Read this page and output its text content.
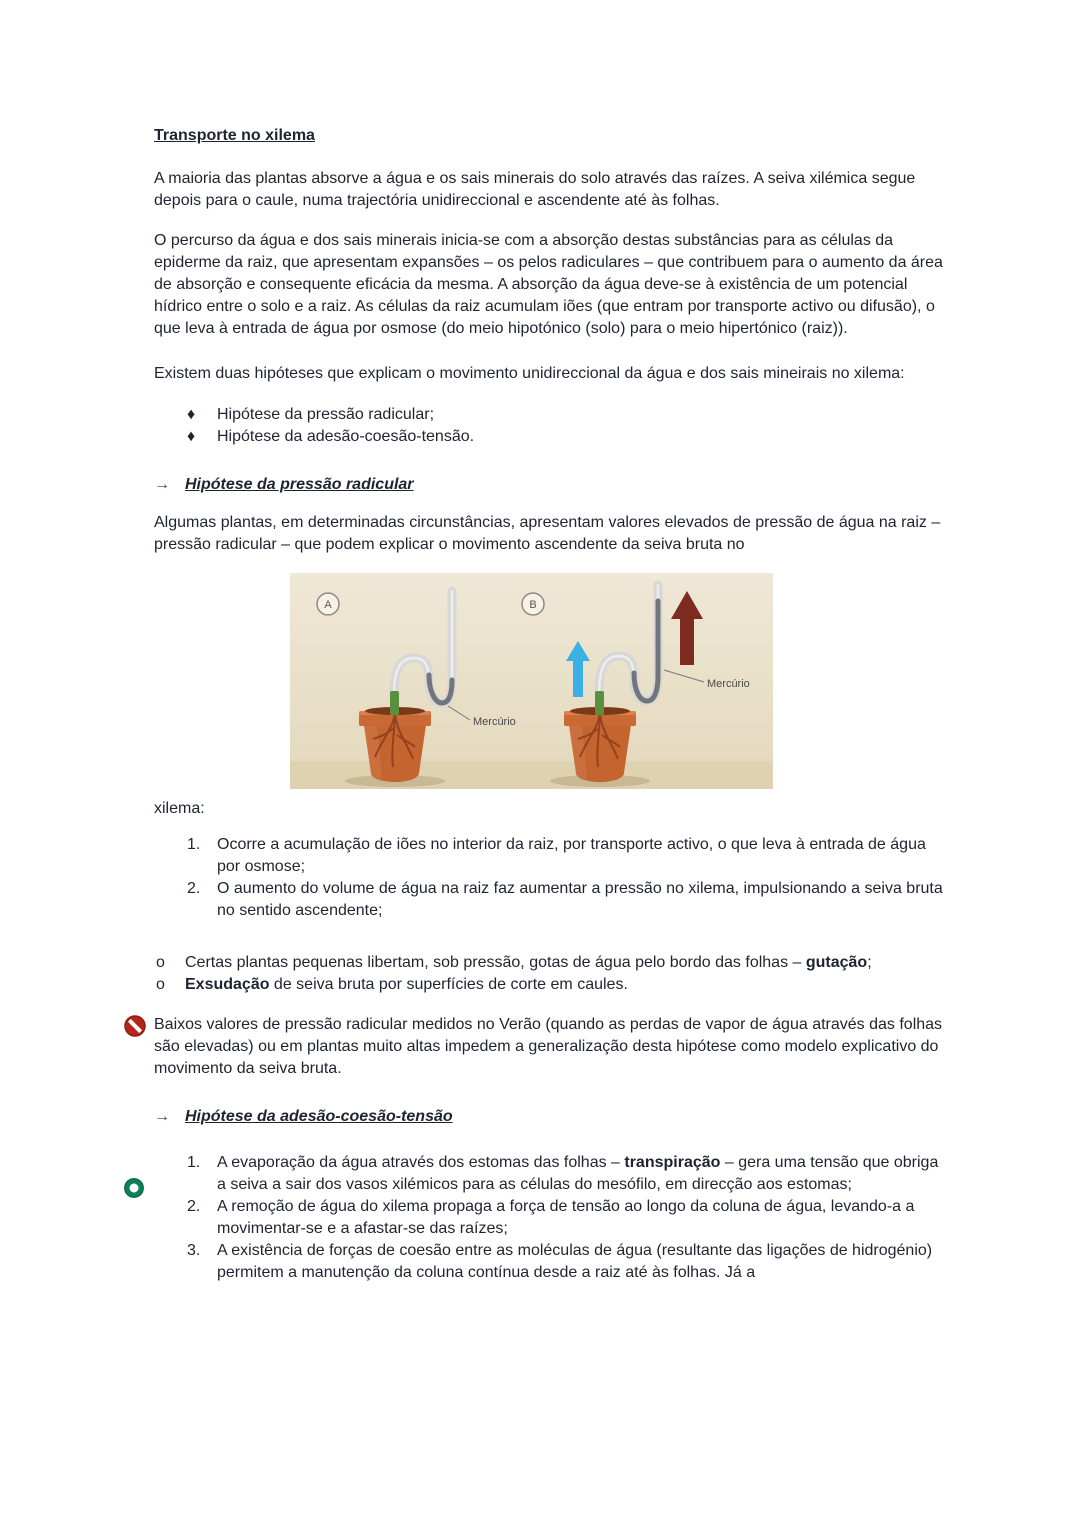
Transporte no xilema

A maioria das plantas absorve a água e os sais minerais do solo através das raízes. A seiva xilémica segue depois para o caule, numa trajectória unidireccional e ascendente até às folhas.

O percurso da água e dos sais minerais inicia-se com a absorção destas substâncias para as células da epiderme da raiz, que apresentam expansões – os pelos radiculares – que contribuem para o aumento da área de absorção e consequente eficácia da mesma. A absorção da água deve-se à existência de um potencial hídrico entre o solo e a raiz. As células da raiz acumulam iões (que entram por transporte activo ou difusão), o que leva à entrada de água por osmose (do meio hipotónico (solo) para o meio hipertónico (raiz)).

Existem duas hipóteses que explicam o movimento unidireccional da água e dos sais mineirais no xilema:

♦	Hipótese da pressão radicular;
♦	Hipótese da adesão-coesão-tensão.
→ Hipótese da pressão radicular

Algumas plantas, em determinadas circunstâncias, apresentam valores elevados de pressão de água na raiz – pressão radicular – que podem explicar o movimento ascendente da seiva bruta no

A	B
Mercúrio
Mercúrio

xilema:

1.	Ocorre a acumulação de iões no interior da raiz, por transporte activo, o que leva à entrada de água por osmose;
2.	O aumento do volume de água na raiz faz aumentar a pressão no xilema, impulsionando a seiva bruta no sentido ascendente;
o	Certas plantas pequenas libertam, sob pressão, gotas de água pelo bordo das folhas – gutação;
o	Exsudação de seiva bruta por superfícies de corte em caules.
Baixos valores de pressão radicular medidos no Verão (quando as perdas de vapor de água através das folhas são elevadas) ou em plantas muito altas impedem a generalização desta hipótese como modelo explicativo do movimento da seiva bruta.
→ Hipótese da adesão-coesão-tensão
1.	A evaporação da água através dos estomas das folhas – transpiração – gera uma tensão que obriga a seiva a sair dos vasos xilémicos para as células do mesófilo, em direcção aos estomas;
2.	A remoção de água do xilema propaga a força de tensão ao longo da coluna de água, levando-a a movimentar-se e a afastar-se das raízes;
3.	A existência de forças de coesão entre as moléculas de água (resultante das ligações de hidrogénio) permitem a manutenção da coluna contínua desde a raiz até às folhas. Já a
